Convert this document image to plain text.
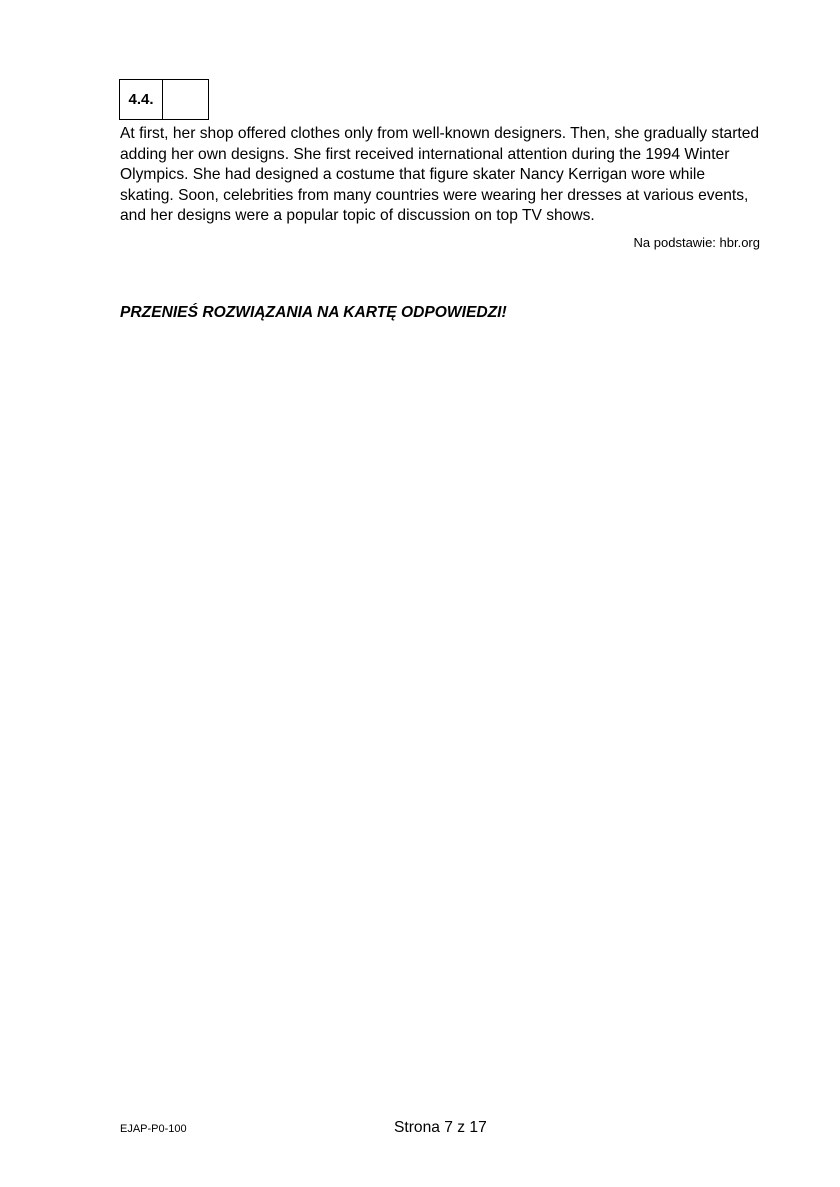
4.4.

At first, her shop offered clothes only from well-known designers. Then, she gradually started
adding her own designs. She first received international attention during the 1994 Winter
Olympics. She had designed a costume that figure skater Nancy Kerrigan wore while
skating. Soon, celebrities from many countries were wearing her dresses at various events,
and her designs were a popular topic of discussion on top TV shows.

Na podstawie: hbr.org

PRZENIEŚ ROZWIĄZANIA NA KARTĘ ODPOWIEDZI!

EJAP-P0-100	Strona 7 z 17
